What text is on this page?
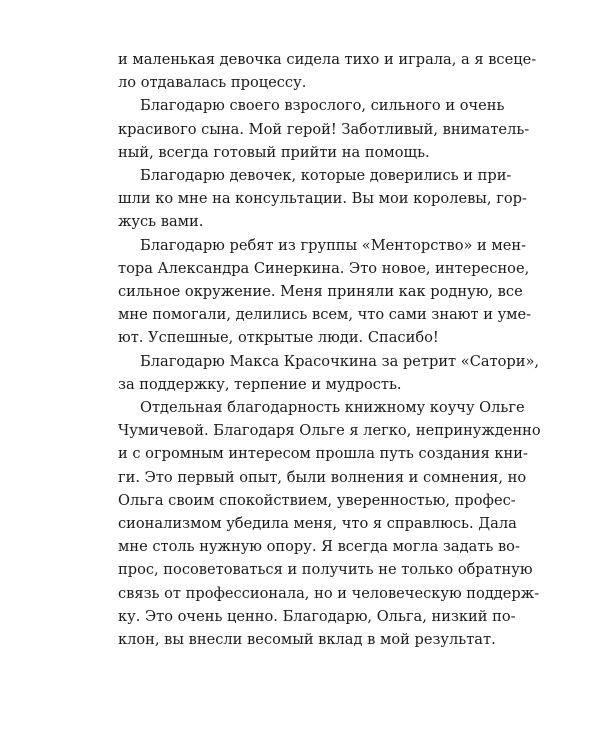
и маленькая девочка сидела тихо и играла, а я всеце-
ло отдавалась процессу.
Благодарю своего взрослого, сильного и очень
красивого сына. Мой герой! Заботливый, вниматель-
ный, всегда готовый прийти на помощь.
Благодарю девочек, которые доверились и при-
шли ко мне на консультации. Вы мои королевы, гор-
жусь вами.
Благодарю ребят из группы «Менторство» и мен-
тора Александра Синеркина. Это новое, интересное,
сильное окружение. Меня приняли как родную, все
мне помогали, делились всем, что сами знают и уме-
ют. Успешные, открытые люди. Спасибо!
Благодарю Макса Красочкина за ретрит «Сатори»,
за поддержку, терпение и мудрость.
Отдельная благодарность книжному коучу Ольге
Чумичевой. Благодаря Ольге я легко, непринужденно
и с огромным интересом прошла путь создания кни-
ги. Это первый опыт, были волнения и сомнения, но
Ольга своим спокойствием, уверенностью, профес-
сионализмом убедила меня, что я справлюсь. Дала
мне столь нужную опору. Я всегда могла задать во-
прос, посоветоваться и получить не только обратную
связь от профессионала, но и человеческую поддерж-
ку. Это очень ценно. Благодарю, Ольга, низкий по-
клон, вы внесли весомый вклад в мой результат.
